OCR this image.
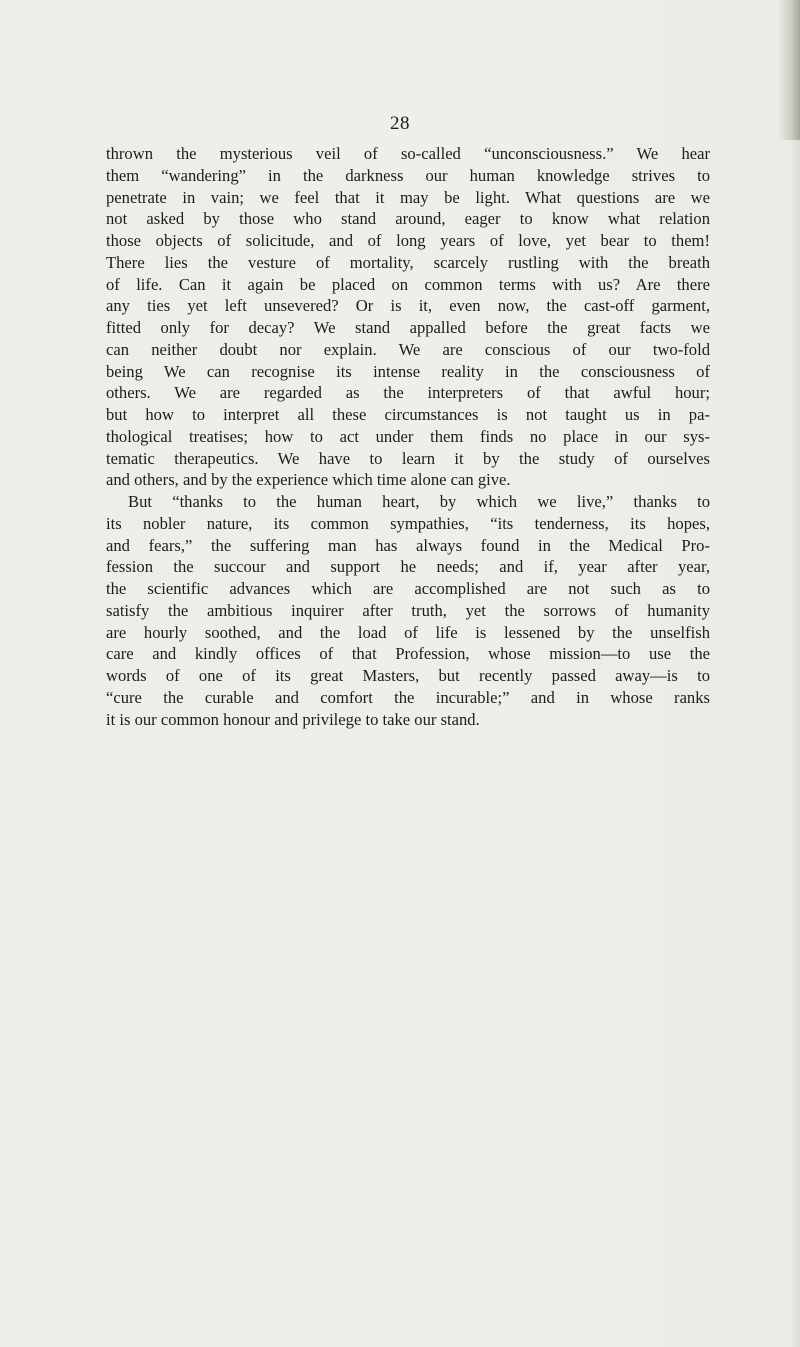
28

thrown the mysterious veil of so-called “unconsciousness.” We hear
them “wandering” in the darkness our human knowledge strives to
penetrate in vain; we feel that it may be light. What questions are we
not asked by those who stand around, eager to know what relation
those objects of solicitude, and of long years of love, yet bear to them!
There lies the vesture of mortality, scarcely rustling with the breath
of life. Can it again be placed on common terms with us? Are there
any ties yet left unsevered? Or is it, even now, the cast-off garment,
fitted only for decay? We stand appalled before the great facts we
can neither doubt nor explain. We are conscious of our two-fold
being We can recognise its intense reality in the consciousness of
others. We are regarded as the interpreters of that awful hour;
but how to interpret all these circumstances is not taught us in pa-
thological treatises; how to act under them finds no place in our sys-
tematic therapeutics. We have to learn it by the study of ourselves
and others, and by the experience which time alone can give.
But “thanks to the human heart, by which we live,” thanks to
its nobler nature, its common sympathies, “its tenderness, its hopes,
and fears,” the suffering man has always found in the Medical Pro-
fession the succour and support he needs; and if, year after year,
the scientific advances which are accomplished are not such as to
satisfy the ambitious inquirer after truth, yet the sorrows of humanity
are hourly soothed, and the load of life is lessened by the unselfish
care and kindly offices of that Profession, whose mission—to use the
words of one of its great Masters, but recently passed away—is to
“cure the curable and comfort the incurable;” and in whose ranks
it is our common honour and privilege to take our stand.
